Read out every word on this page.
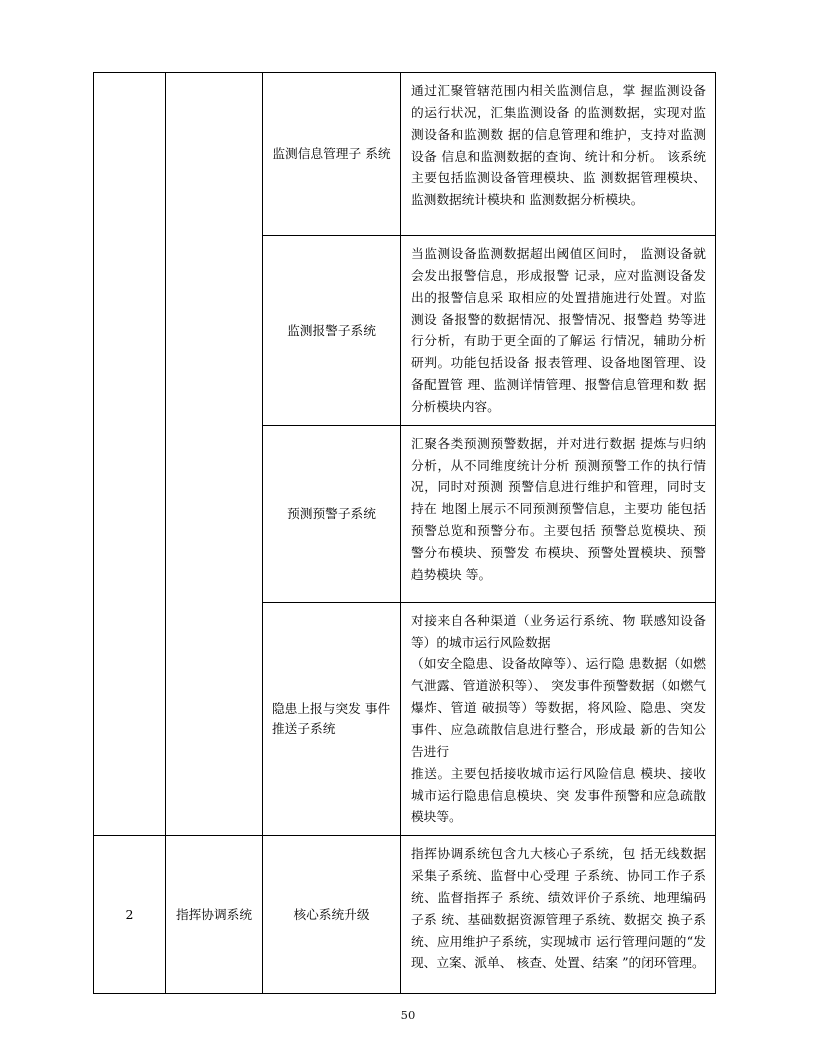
		监测信息管理子 系统	通过汇聚管辖范围内相关监测信息，掌 握监测设备的运行状况，汇集监测设备 的监测数据，实现对监测设备和监测数 据的信息管理和维护，支持对监测设备 信息和监测数据的查询、统计和分析。 该系统主要包括监测设备管理模块、监 测数据管理模块、监测数据统计模块和 监测数据分析模块。

		监测报警子系统	当监测设备监测数据超出阈值区间时， 监测设备就会发出报警信息，形成报警 记录，应对监测设备发出的报警信息采 取相应的处置措施进行处置。对监测设 备报警的数据情况、报警情况、报警趋 势等进行分析，有助于更全面的了解运 行情况，辅助分析研判。功能包括设备 报表管理、设备地图管理、设备配置管 理、监测详情管理、报警信息管理和数 据分析模块内容。

		预测预警子系统	汇聚各类预测预警数据，并对进行数据 提炼与归纳分析，从不同维度统计分析 预测预警工作的执行情况，同时对预测 预警信息进行维护和管理，同时支持在 地图上展示不同预测预警信息，主要功 能包括预警总览和预警分布。主要包括 预警总览模块、预警分布模块、预警发 布模块、预警处置模块、预警趋势模块 等。

		隐患上报与突发 事件推送子系统	对接来自各种渠道（业务运行系统、物 联感知设备等）的城市运行风险数据

（如安全隐患、设备故障等）、运行隐 患数据（如燃气泄露、管道淤积等）、 突发事件预警数据（如燃气爆炸、管道 破损等）等数据，将风险、隐患、突发 事件、应急疏散信息进行整合，形成最 新的告知公告进行

推送。主要包括接收城市运行风险信息 模块、接收城市运行隐患信息模块、突 发事件预警和应急疏散模块等。

2	指挥协调系统	核心系统升级	指挥协调系统包含九大核心子系统，包 括无线数据采集子系统、监督中心受理 子系统、协同工作子系统、监督指挥子 系统、绩效评价子系统、地理编码子系 统、基础数据资源管理子系统、数据交 换子系统、应用维护子系统，实现城市 运行管理问题的“发现、立案、派单、 核查、处置、结案 ”的闭环管理。

50
